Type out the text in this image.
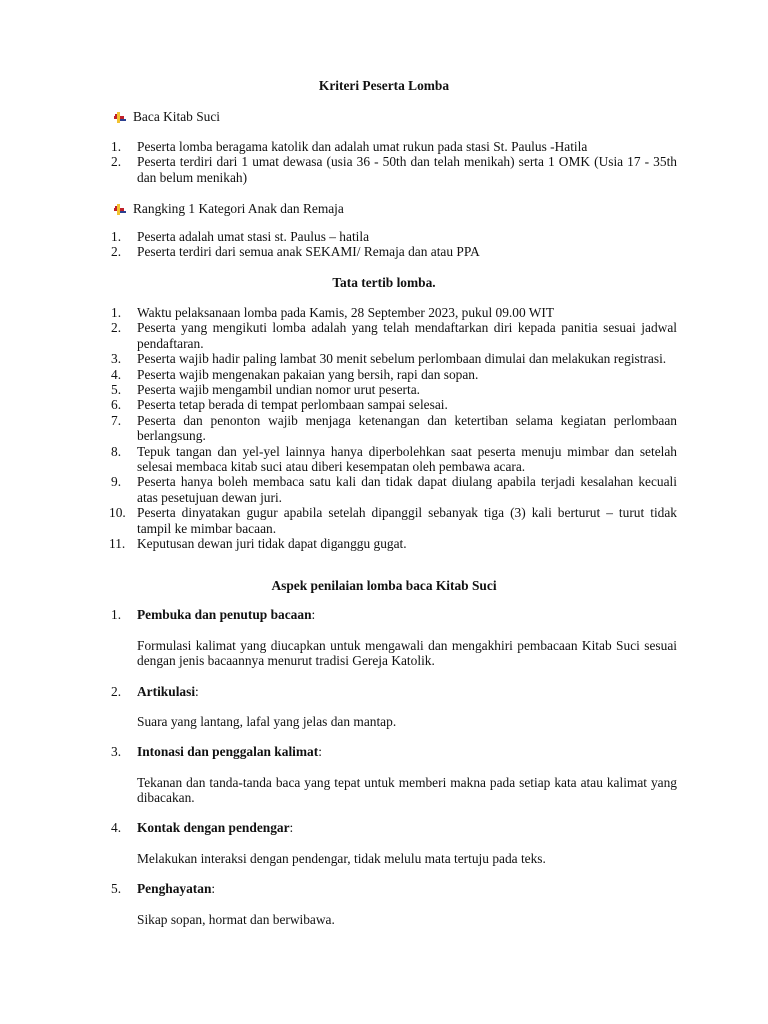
Kriteri Peserta Lomba
Baca Kitab Suci
1. Peserta lomba beragama katolik dan adalah umat rukun pada stasi St. Paulus -Hatila
2. Peserta terdiri dari 1 umat dewasa (usia 36 - 50th dan telah menikah) serta 1 OMK (Usia 17 - 35th dan belum menikah)
Rangking 1 Kategori Anak dan Remaja
1. Peserta adalah umat stasi st. Paulus – hatila
2. Peserta terdiri dari semua anak SEKAMI/ Remaja dan atau PPA
Tata tertib lomba.
1. Waktu pelaksanaan lomba pada Kamis, 28 September 2023, pukul 09.00 WIT
2. Peserta yang mengikuti lomba adalah yang telah mendaftarkan diri kepada panitia sesuai jadwal pendaftaran.
3. Peserta wajib hadir paling lambat 30 menit sebelum perlombaan dimulai dan melakukan registrasi.
4. Peserta wajib mengenakan pakaian yang bersih, rapi dan sopan.
5. Peserta wajib mengambil undian nomor urut peserta.
6. Peserta tetap berada di tempat perlombaan sampai selesai.
7. Peserta dan penonton wajib menjaga ketenangan dan ketertiban selama kegiatan perlombaan berlangsung.
8. Tepuk tangan dan yel-yel lainnya hanya diperbolehkan saat peserta menuju mimbar dan setelah selesai membaca kitab suci atau diberi kesempatan oleh pembawa acara.
9. Peserta hanya boleh membaca satu kali dan tidak dapat diulang apabila terjadi kesalahan kecuali atas pesetujuan dewan juri.
10. Peserta dinyatakan gugur apabila setelah dipanggil sebanyak tiga (3) kali berturut – turut tidak tampil ke mimbar bacaan.
11. Keputusan dewan juri tidak dapat diganggu gugat.
Aspek penilaian lomba baca Kitab Suci
1.	Pembuka dan penutup bacaan:

Formulasi kalimat yang diucapkan untuk mengawali dan mengakhiri pembacaan Kitab Suci sesuai dengan jenis bacaannya menurut tradisi Gereja Katolik.

2.	Artikulasi:

Suara yang lantang, lafal yang jelas dan mantap.

3.	Intonasi dan penggalan kalimat:

Tekanan dan tanda-tanda baca yang tepat untuk memberi makna pada setiap kata atau kalimat yang dibacakan.

4.	Kontak dengan pendengar:

Melakukan interaksi dengan pendengar, tidak melulu mata tertuju pada teks.

5.	Penghayatan:

Sikap sopan, hormat dan berwibawa.
